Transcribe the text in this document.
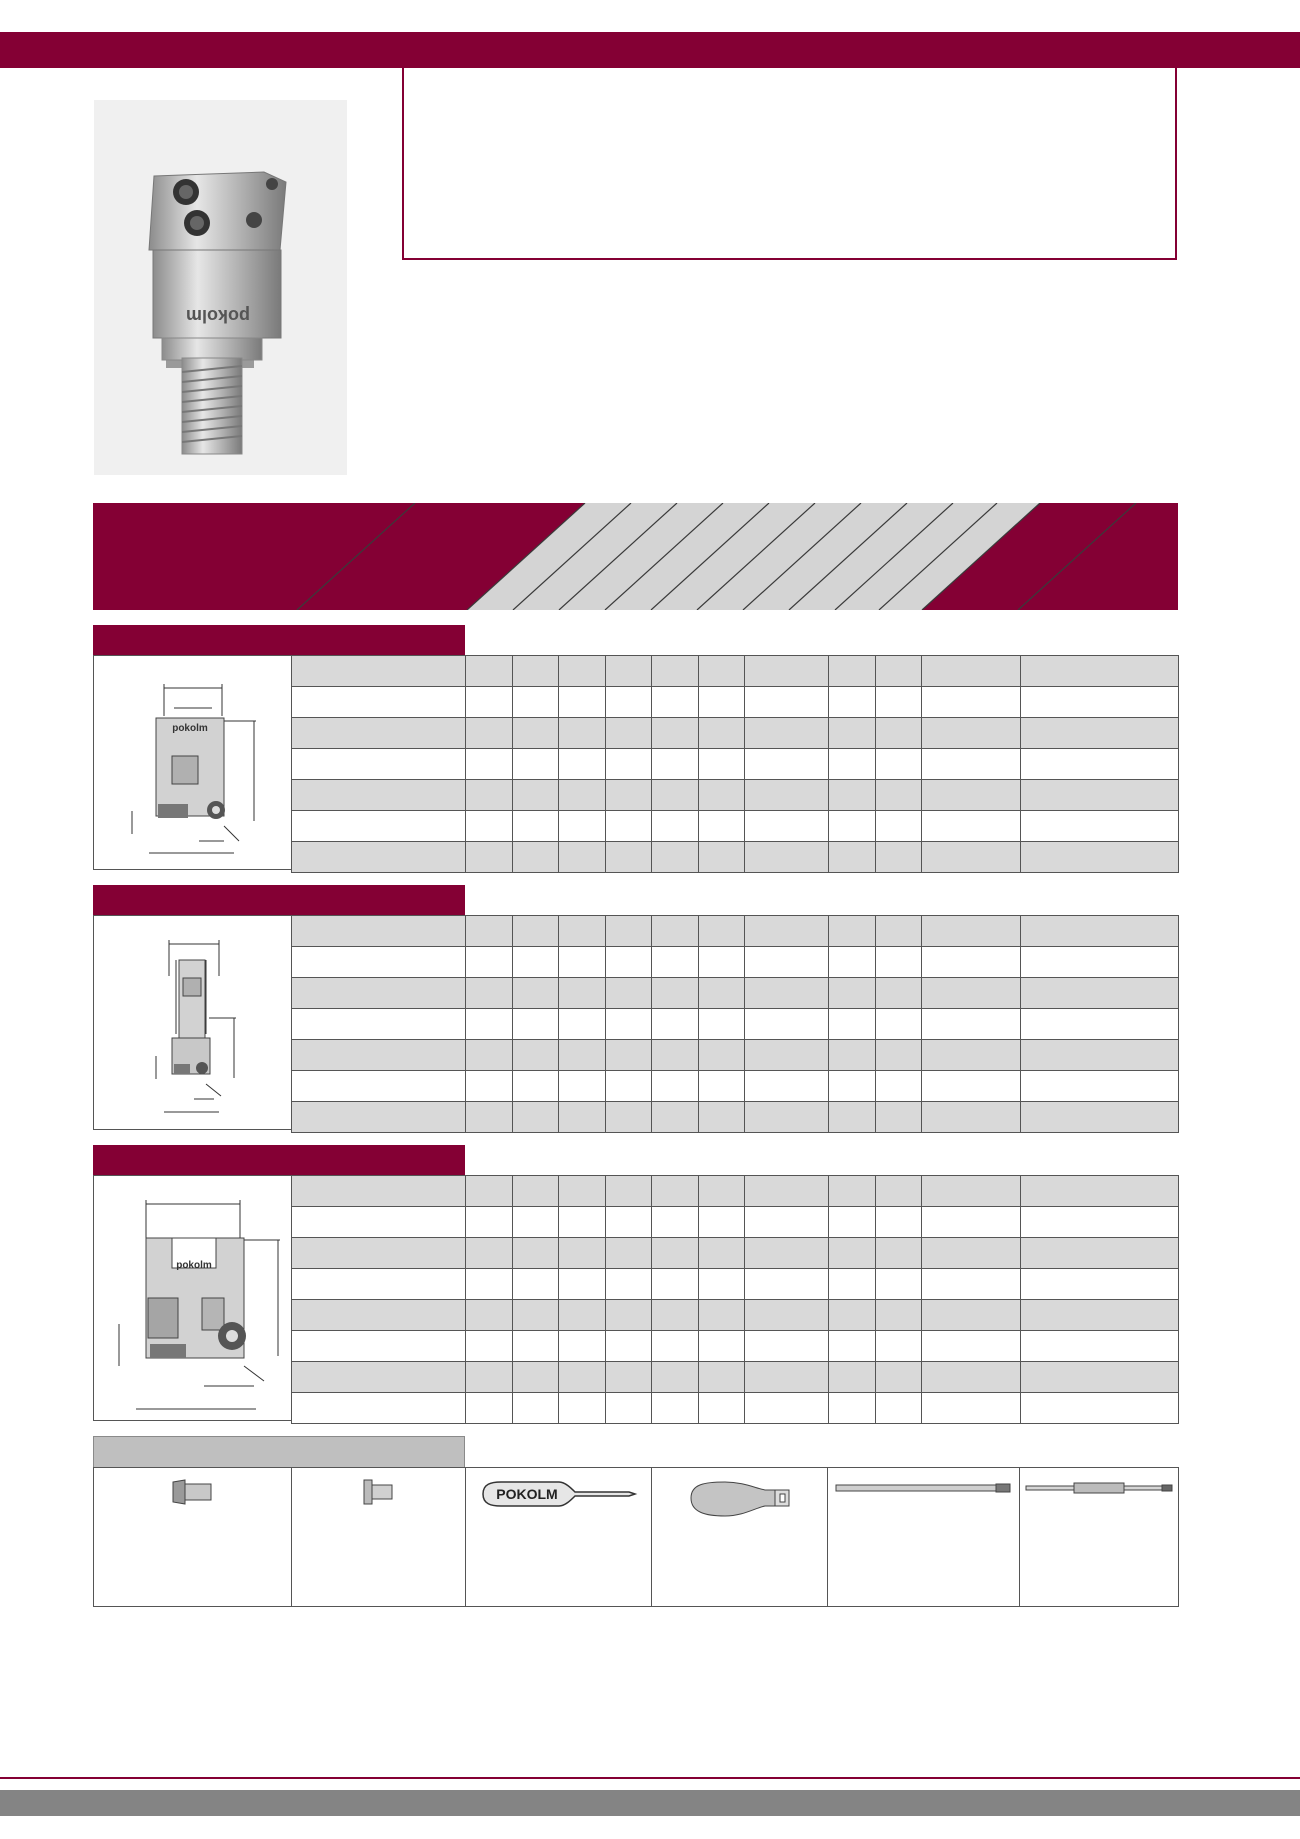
pokolm
pokolm

pokolm

POKOLM
